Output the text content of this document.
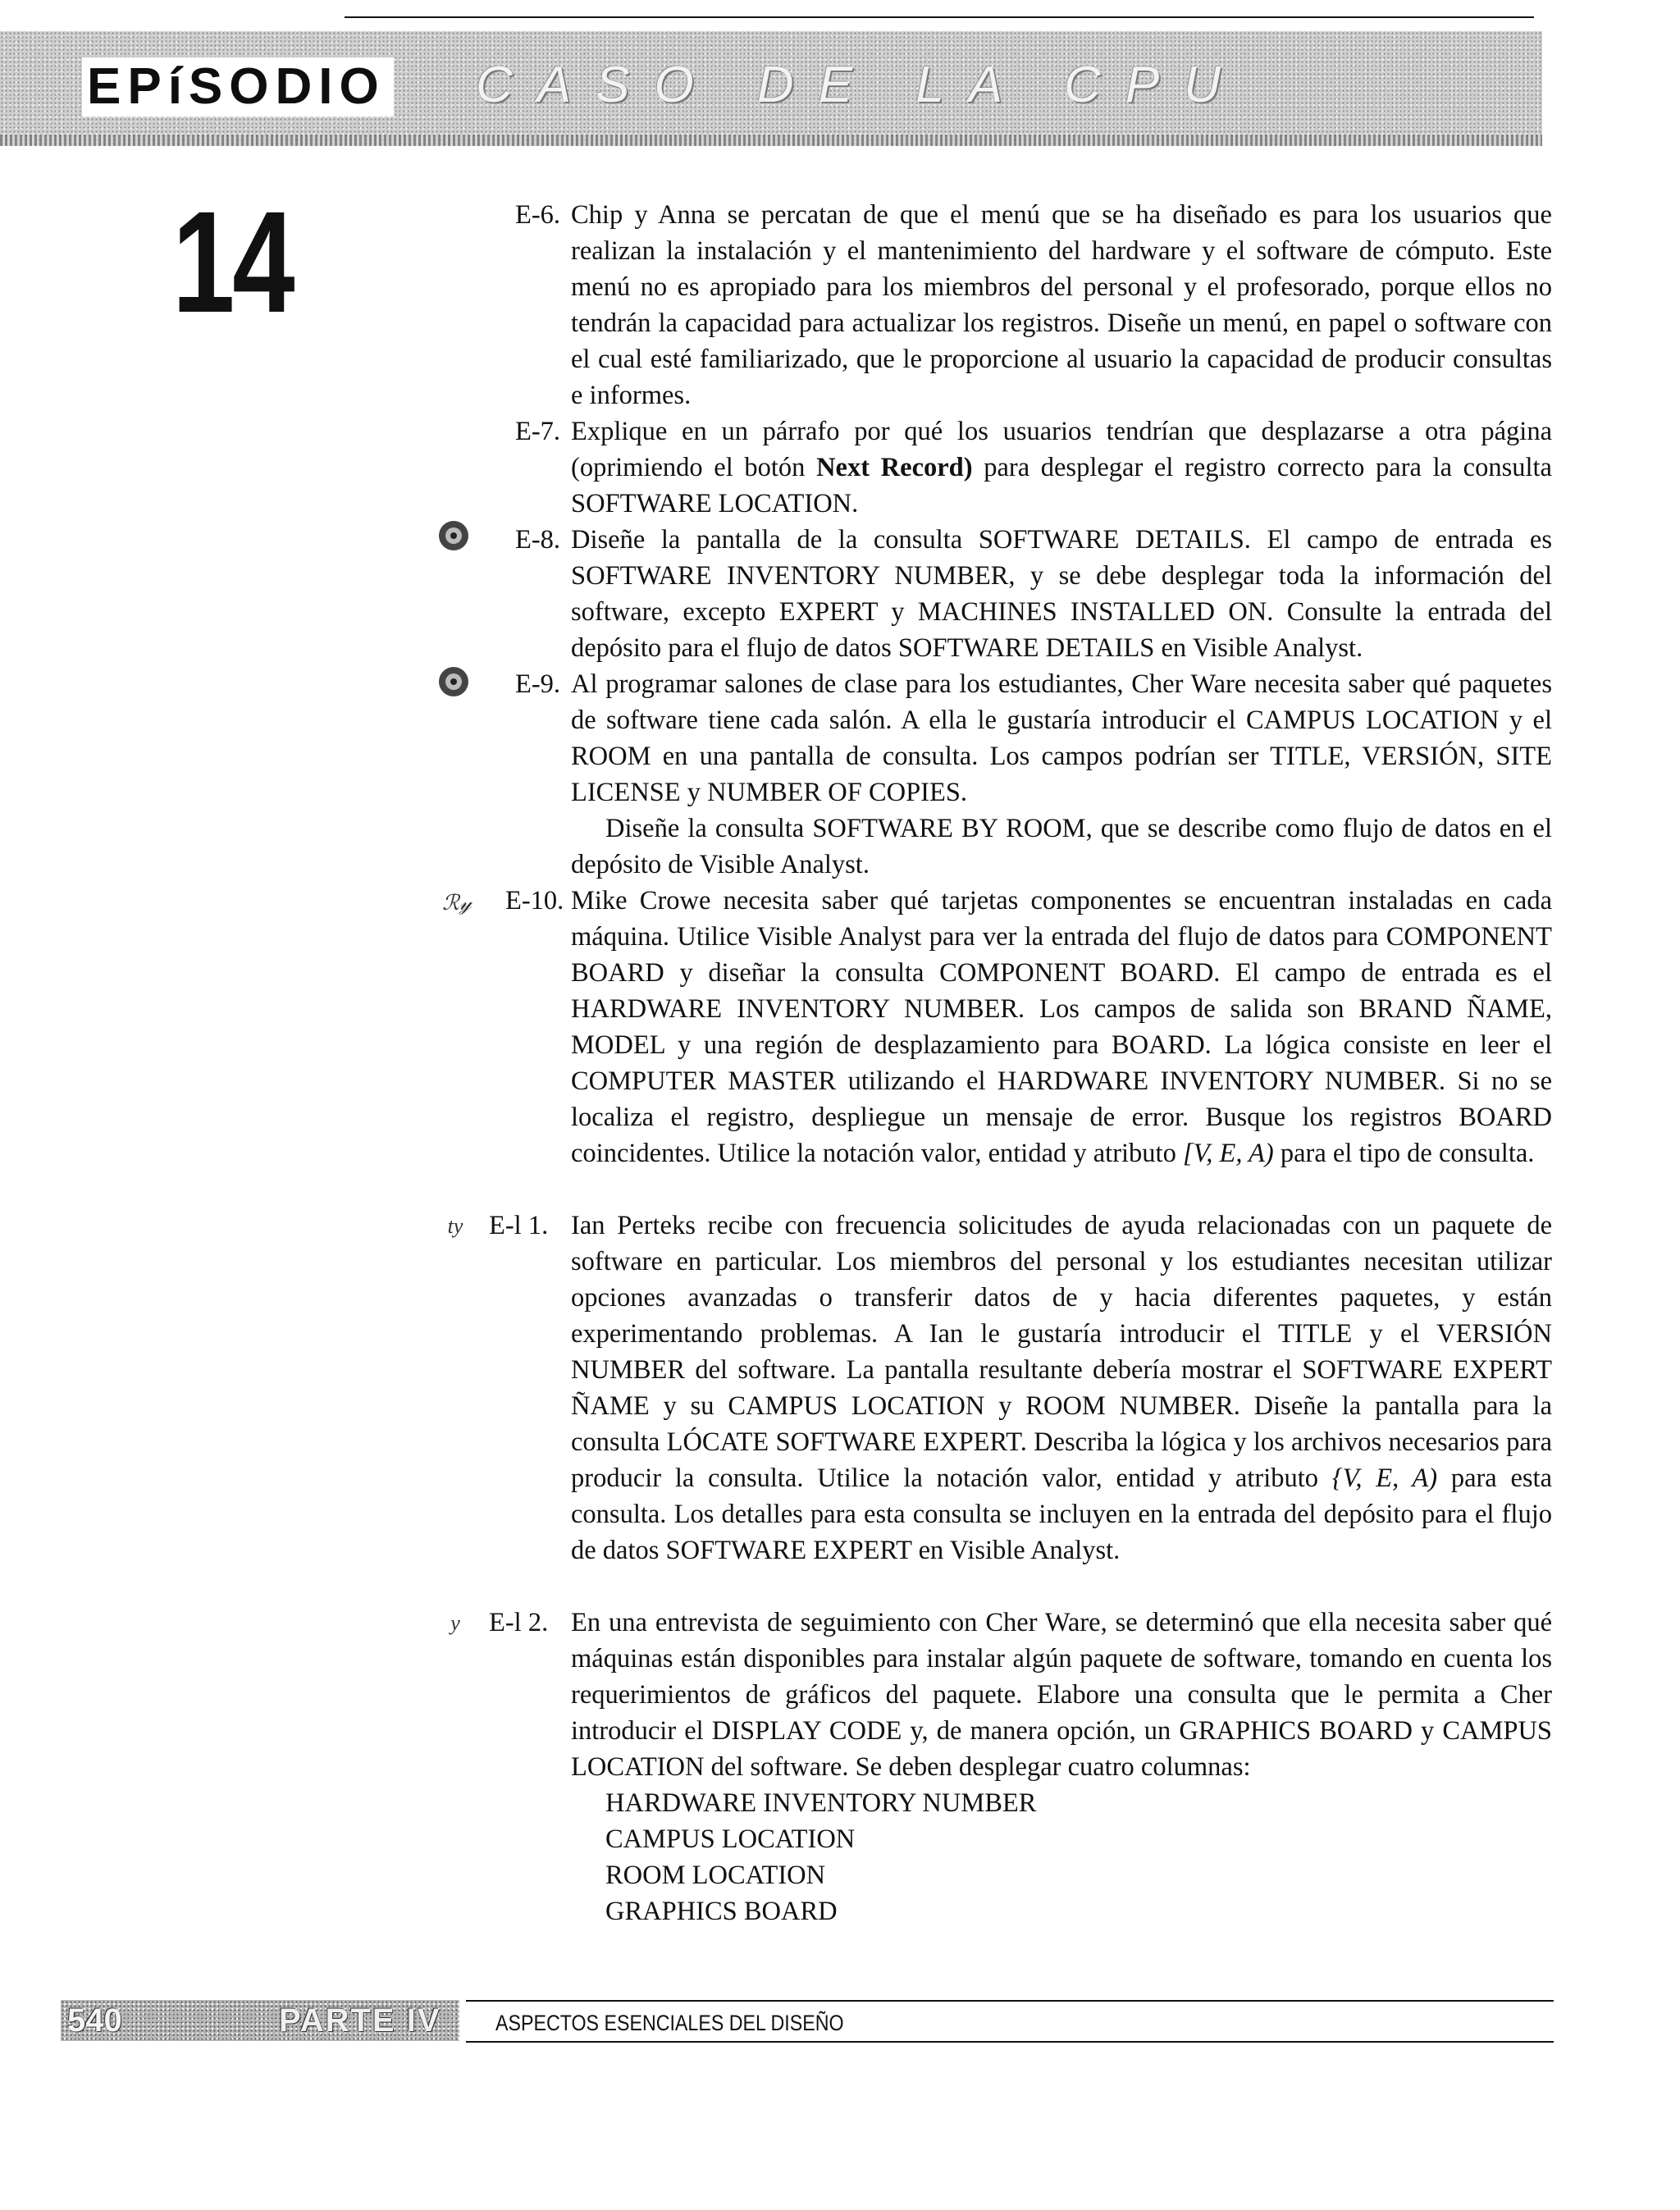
EPíSODIO CASO DE LA CPU
14	E-6. Chip y Anna se percatan de que el menú que se ha diseñado es para los usuarios que realizan la instalación y el mantenimiento del hardware y el software de cómputo. Este menú no es apropiado para los miembros del personal y el profesorado, porque ellos no tendrán la capacidad para actualizar los registros. Diseñe un menú, en papel o software con el cual esté familiarizado, que le proporcione al usuario la capacidad de producir consultas e informes.

E-7. Explique en un párrafo por qué los usuarios tendrían que desplazarse a otra página (oprimiendo el botón Next Record) para desplegar el registro correcto para la consulta SOFTWARE LOCATION.

E-8. Diseñe la pantalla de la consulta SOFTWARE DETAILS. El campo de entrada es SOFTWARE INVENTORY NUMBER, y se debe desplegar toda la información del software, excepto EXPERT y MACHINES INSTALLED ON. Consulte la entrada del depósito para el flujo de datos SOFTWARE DETAILS en Visible Analyst.

E-9. Al programar salones de clase para los estudiantes, Cher Ware necesita saber qué paquetes de software tiene cada salón. A ella le gustaría introducir el CAMPUS LOCATION y el ROOM en una pantalla de consulta. Los campos podrían ser TITLE, VERSIÓN, SITE LICENSE y NUMBER OF COPIES.

Diseñe la consulta SOFTWARE BY ROOM, que se describe como flujo de datos en el depósito de Visible Analyst.

ℛ𝓎 E-10. Mike Crowe necesita saber qué tarjetas componentes se encuentran instaladas en cada máquina. Utilice Visible Analyst para ver la entrada del flujo de datos para COMPONENT BOARD y diseñar la consulta COMPONENT BOARD. El campo de entrada es el HARDWARE INVENTORY NUMBER. Los campos de salida son BRAND ÑAME, MODEL y una región de desplazamiento para BOARD. La lógica consiste en leer el COMPUTER MASTER utilizando el HARDWARE INVENTORY NUMBER. Si no se localiza el registro, despliegue un mensaje de error. Busque los registros BOARD coincidentes. Utilice la notación valor, entidad y atributo [V, E, A) para el tipo de consulta.

ty E-l 1. Ian Perteks recibe con frecuencia solicitudes de ayuda relacionadas con un paquete de software en particular. Los miembros del personal y los estudiantes necesitan utilizar opciones avanzadas o transferir datos de y hacia diferentes paquetes, y están experimentando problemas. A Ian le gustaría introducir el TITLE y el VERSIÓN NUMBER del software. La pantalla resultante debería mostrar el SOFTWARE EXPERT ÑAME y su CAMPUS LOCATION y ROOM NUMBER. Diseñe la pantalla para la consulta LÓCATE SOFTWARE EXPERT. Describa la lógica y los archivos necesarios para producir la consulta. Utilice la notación valor, entidad y atributo {V, E, A) para esta consulta. Los detalles para esta consulta se incluyen en la entrada del depósito para el flujo de datos SOFTWARE EXPERT en Visible Analyst.

y	E-l 2. En una entrevista de seguimiento con Cher Ware, se determinó que ella necesita saber qué máquinas están disponibles para instalar algún paquete de software, tomando en cuenta los requerimientos de gráficos del paquete. Elabore una consulta que le permita a Cher introducir el DISPLAY CODE y, de manera opción, un GRAPHICS BOARD y CAMPUS LOCATION del software. Se deben desplegar cuatro columnas:

HARDWARE INVENTORY NUMBER
CAMPUS LOCATION
ROOM LOCATION
GRAPHICS BOARD
540	PARTE IV ASPECTOS ESENCIALES DEL DISEÑO
